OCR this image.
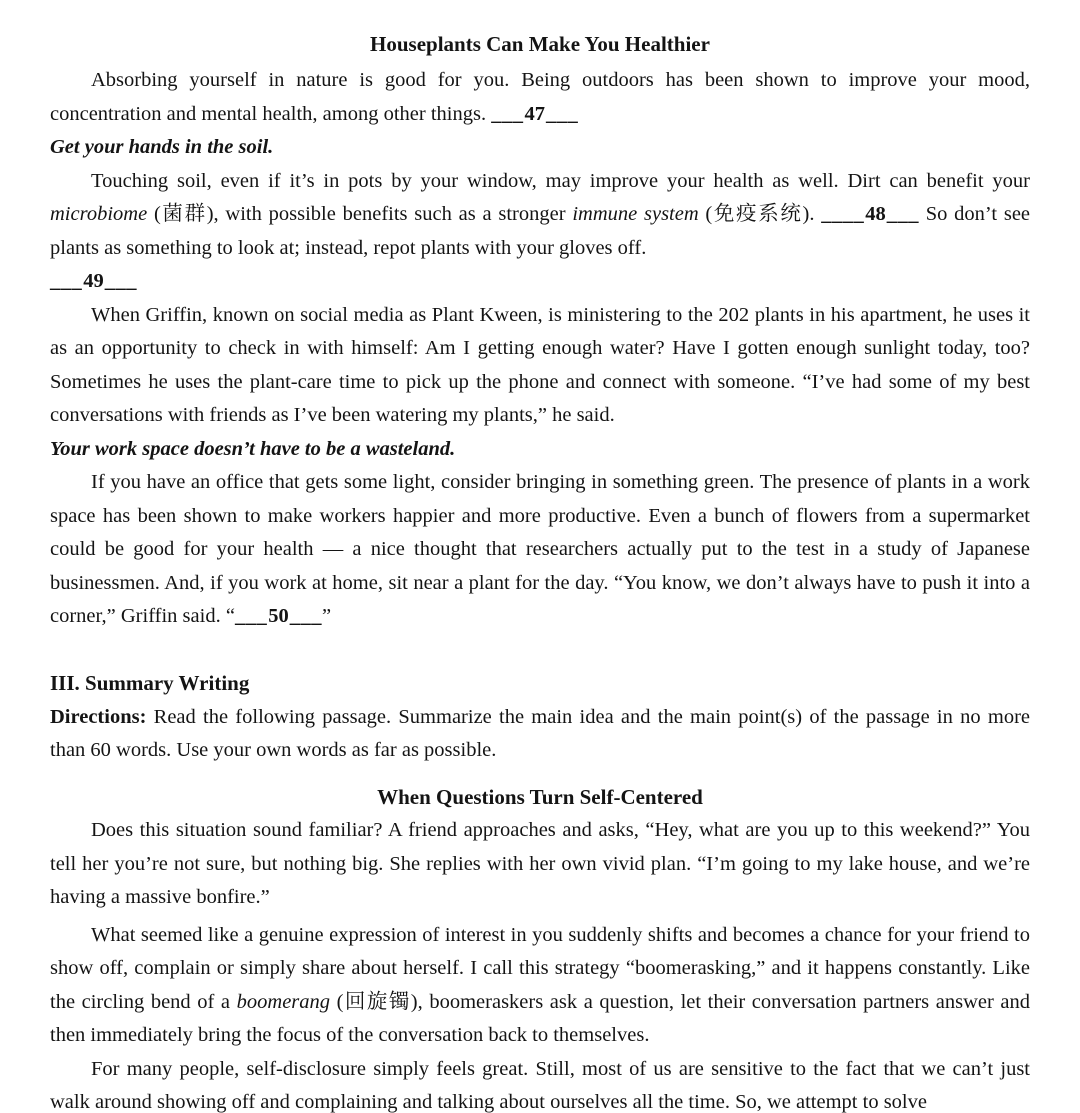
Houseplants Can Make You Healthier

Absorbing yourself in nature is good for you. Being outdoors has been shown to improve your mood, concentration and mental health, among other things. ___47___

Get your hands in the soil.

Touching soil, even if it’s in pots by your window, may improve your health as well. Dirt can benefit your microbiome (菌群), with possible benefits such as a stronger immune system (免疫系统). ____48___ So don’t see plants as something to look at; instead, repot plants with your gloves off.

___49___

When Griffin, known on social media as Plant Kween, is ministering to the 202 plants in his apartment, he uses it as an opportunity to check in with himself: Am I getting enough water? Have I gotten enough sunlight today, too? Sometimes he uses the plant-care time to pick up the phone and connect with someone. “I’ve had some of my best conversations with friends as I’ve been watering my plants,” he said.

Your work space doesn’t have to be a wasteland.

If you have an office that gets some light, consider bringing in something green. The presence of plants in a work space has been shown to make workers happier and more productive. Even a bunch of flowers from a supermarket could be good for your health — a nice thought that researchers actually put to the test in a study of Japanese businessmen. And, if you work at home, sit near a plant for the day. “You know, we don’t always have to push it into a corner,” Griffin said. “___50___”

III. Summary Writing

Directions: Read the following passage. Summarize the main idea and the main point(s) of the passage in no more than 60 words. Use your own words as far as possible.

When Questions Turn Self-Centered

Does this situation sound familiar? A friend approaches and asks, “Hey, what are you up to this weekend?” You tell her you’re not sure, but nothing big. She replies with her own vivid plan. “I’m going to my lake house, and we’re having a massive bonfire.”

What seemed like a genuine expression of interest in you suddenly shifts and becomes a chance for your friend to show off, complain or simply share about herself. I call this strategy “boomerasking,” and it happens constantly. Like the circling bend of a boomerang (回旋镯), boomeraskers ask a question, let their conversation partners answer and then immediately bring the focus of the conversation back to themselves.

For many people, self-disclosure simply feels great. Still, most of us are sensitive to the fact that we can’t just walk around showing off and complaining and talking about ourselves all the time. So, we attempt to solve
